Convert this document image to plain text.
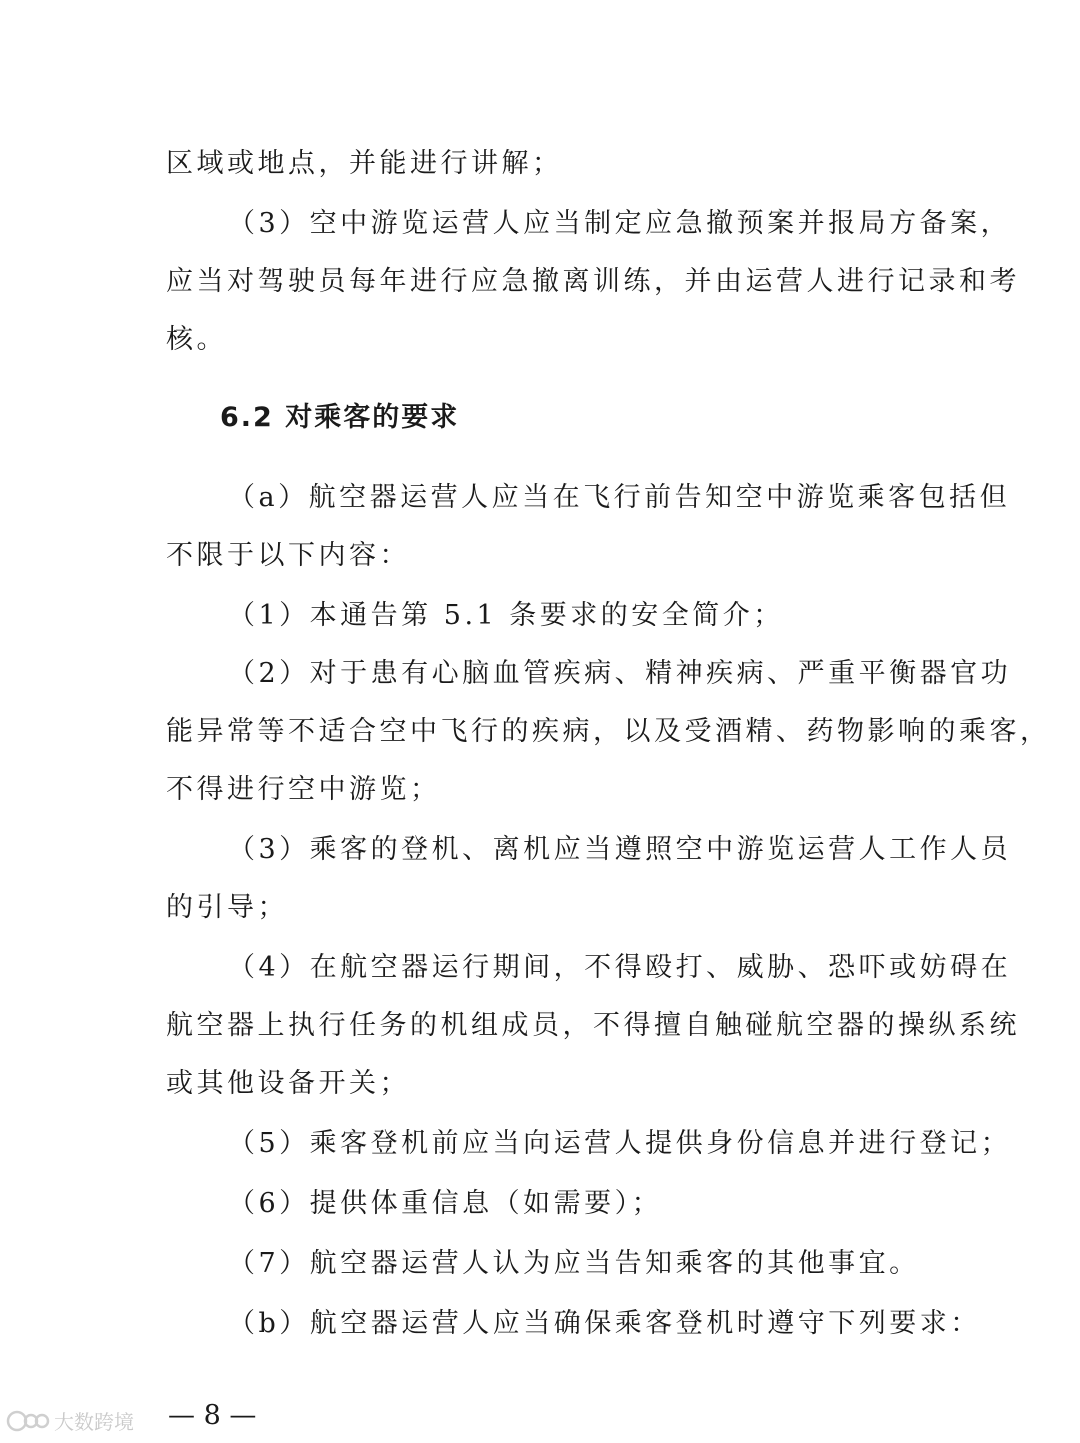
区域或地点，并能进行讲解；
（3）空中游览运营人应当制定应急撤预案并报局方备案，
应当对驾驶员每年进行应急撤离训练，并由运营人进行记录和考
核。
6.2 对乘客的要求
（a）航空器运营人应当在飞行前告知空中游览乘客包括但
不限于以下内容：
（1）本通告第 5.1 条要求的安全简介；
（2）对于患有心脑血管疾病、精神疾病、严重平衡器官功
能异常等不适合空中飞行的疾病，以及受酒精、药物影响的乘客，
不得进行空中游览；
（3）乘客的登机、离机应当遵照空中游览运营人工作人员
的引导；
（4）在航空器运行期间，不得殴打、威胁、恐吓或妨碍在
航空器上执行任务的机组成员，不得擅自触碰航空器的操纵系统
或其他设备开关；
（5）乘客登机前应当向运营人提供身份信息并进行登记；
（6）提供体重信息（如需要）；
（7）航空器运营人认为应当告知乘客的其他事宜。
（b）航空器运营人应当确保乘客登机时遵守下列要求：
— 8 —
大数跨境
